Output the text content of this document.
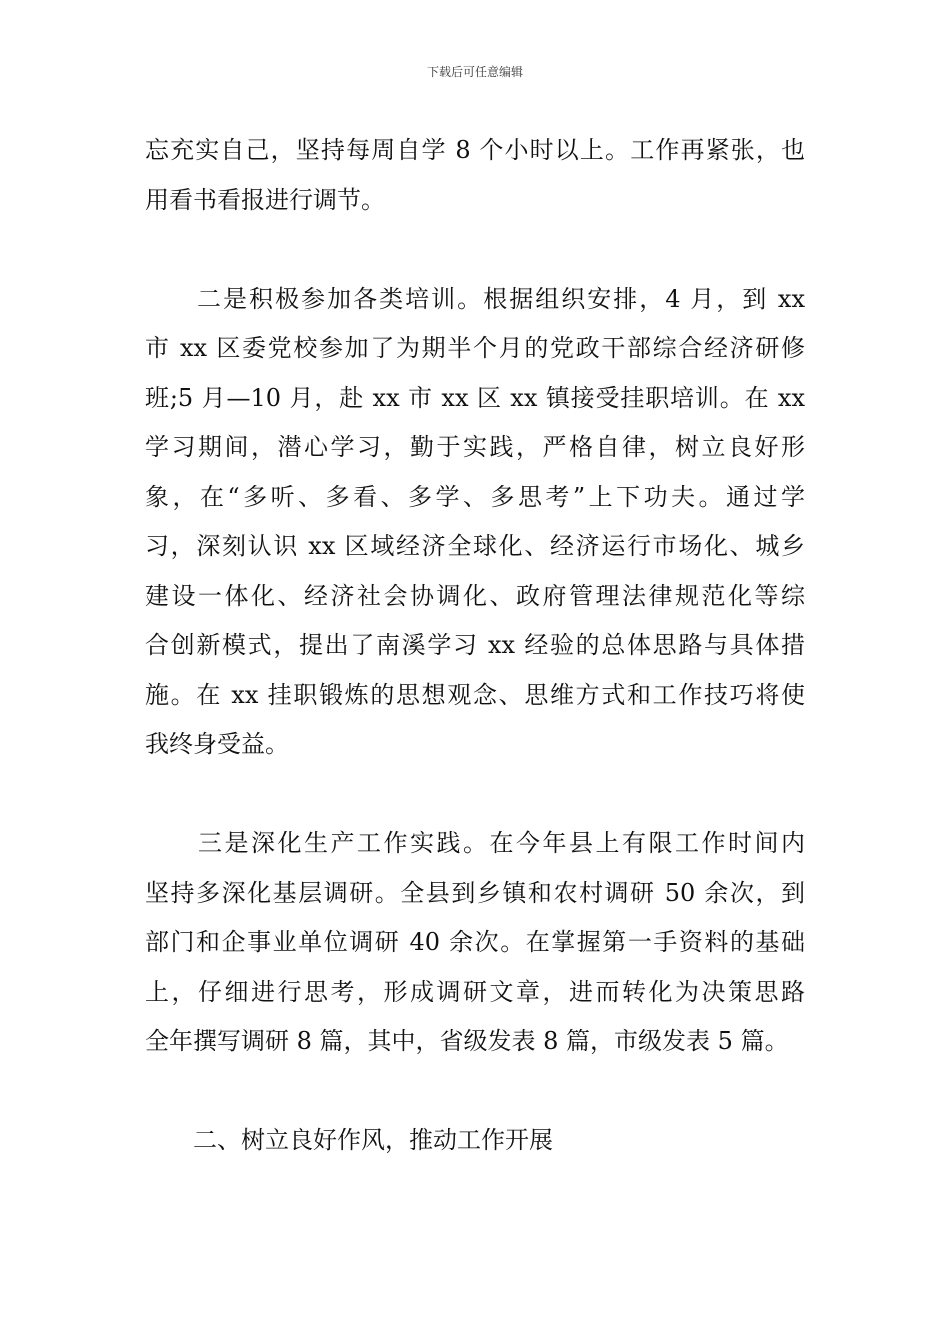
下载后可任意编辑

忘充实自己，坚持每周自学 8 个小时以上。工作再紧张，也
用看书看报进行调节。

　　二是积极参加各类培训。根据组织安排，4 月，到 xx
市 xx 区委党校参加了为期半个月的党政干部综合经济研修
班;5 月—10 月，赴 xx 市 xx 区 xx 镇接受挂职培训。在 xx
学习期间，潜心学习，勤于实践，严格自律，树立良好形
象，在“多听、多看、多学、多思考”上下功夫。通过学
习，深刻认识 xx 区域经济全球化、经济运行市场化、城乡
建设一体化、经济社会协调化、政府管理法律规范化等综
合创新模式，提出了南溪学习 xx 经验的总体思路与具体措
施。在 xx 挂职锻炼的思想观念、思维方式和工作技巧将使
我终身受益。

　　三是深化生产工作实践。在今年县上有限工作时间内
坚持多深化基层调研。全县到乡镇和农村调研 50 余次，到
部门和企事业单位调研 40 余次。在掌握第一手资料的基础
上，仔细进行思考，形成调研文章，进而转化为决策思路
全年撰写调研 8 篇，其中，省级发表 8 篇，市级发表 5 篇。

　　二、树立良好作风，推动工作开展
